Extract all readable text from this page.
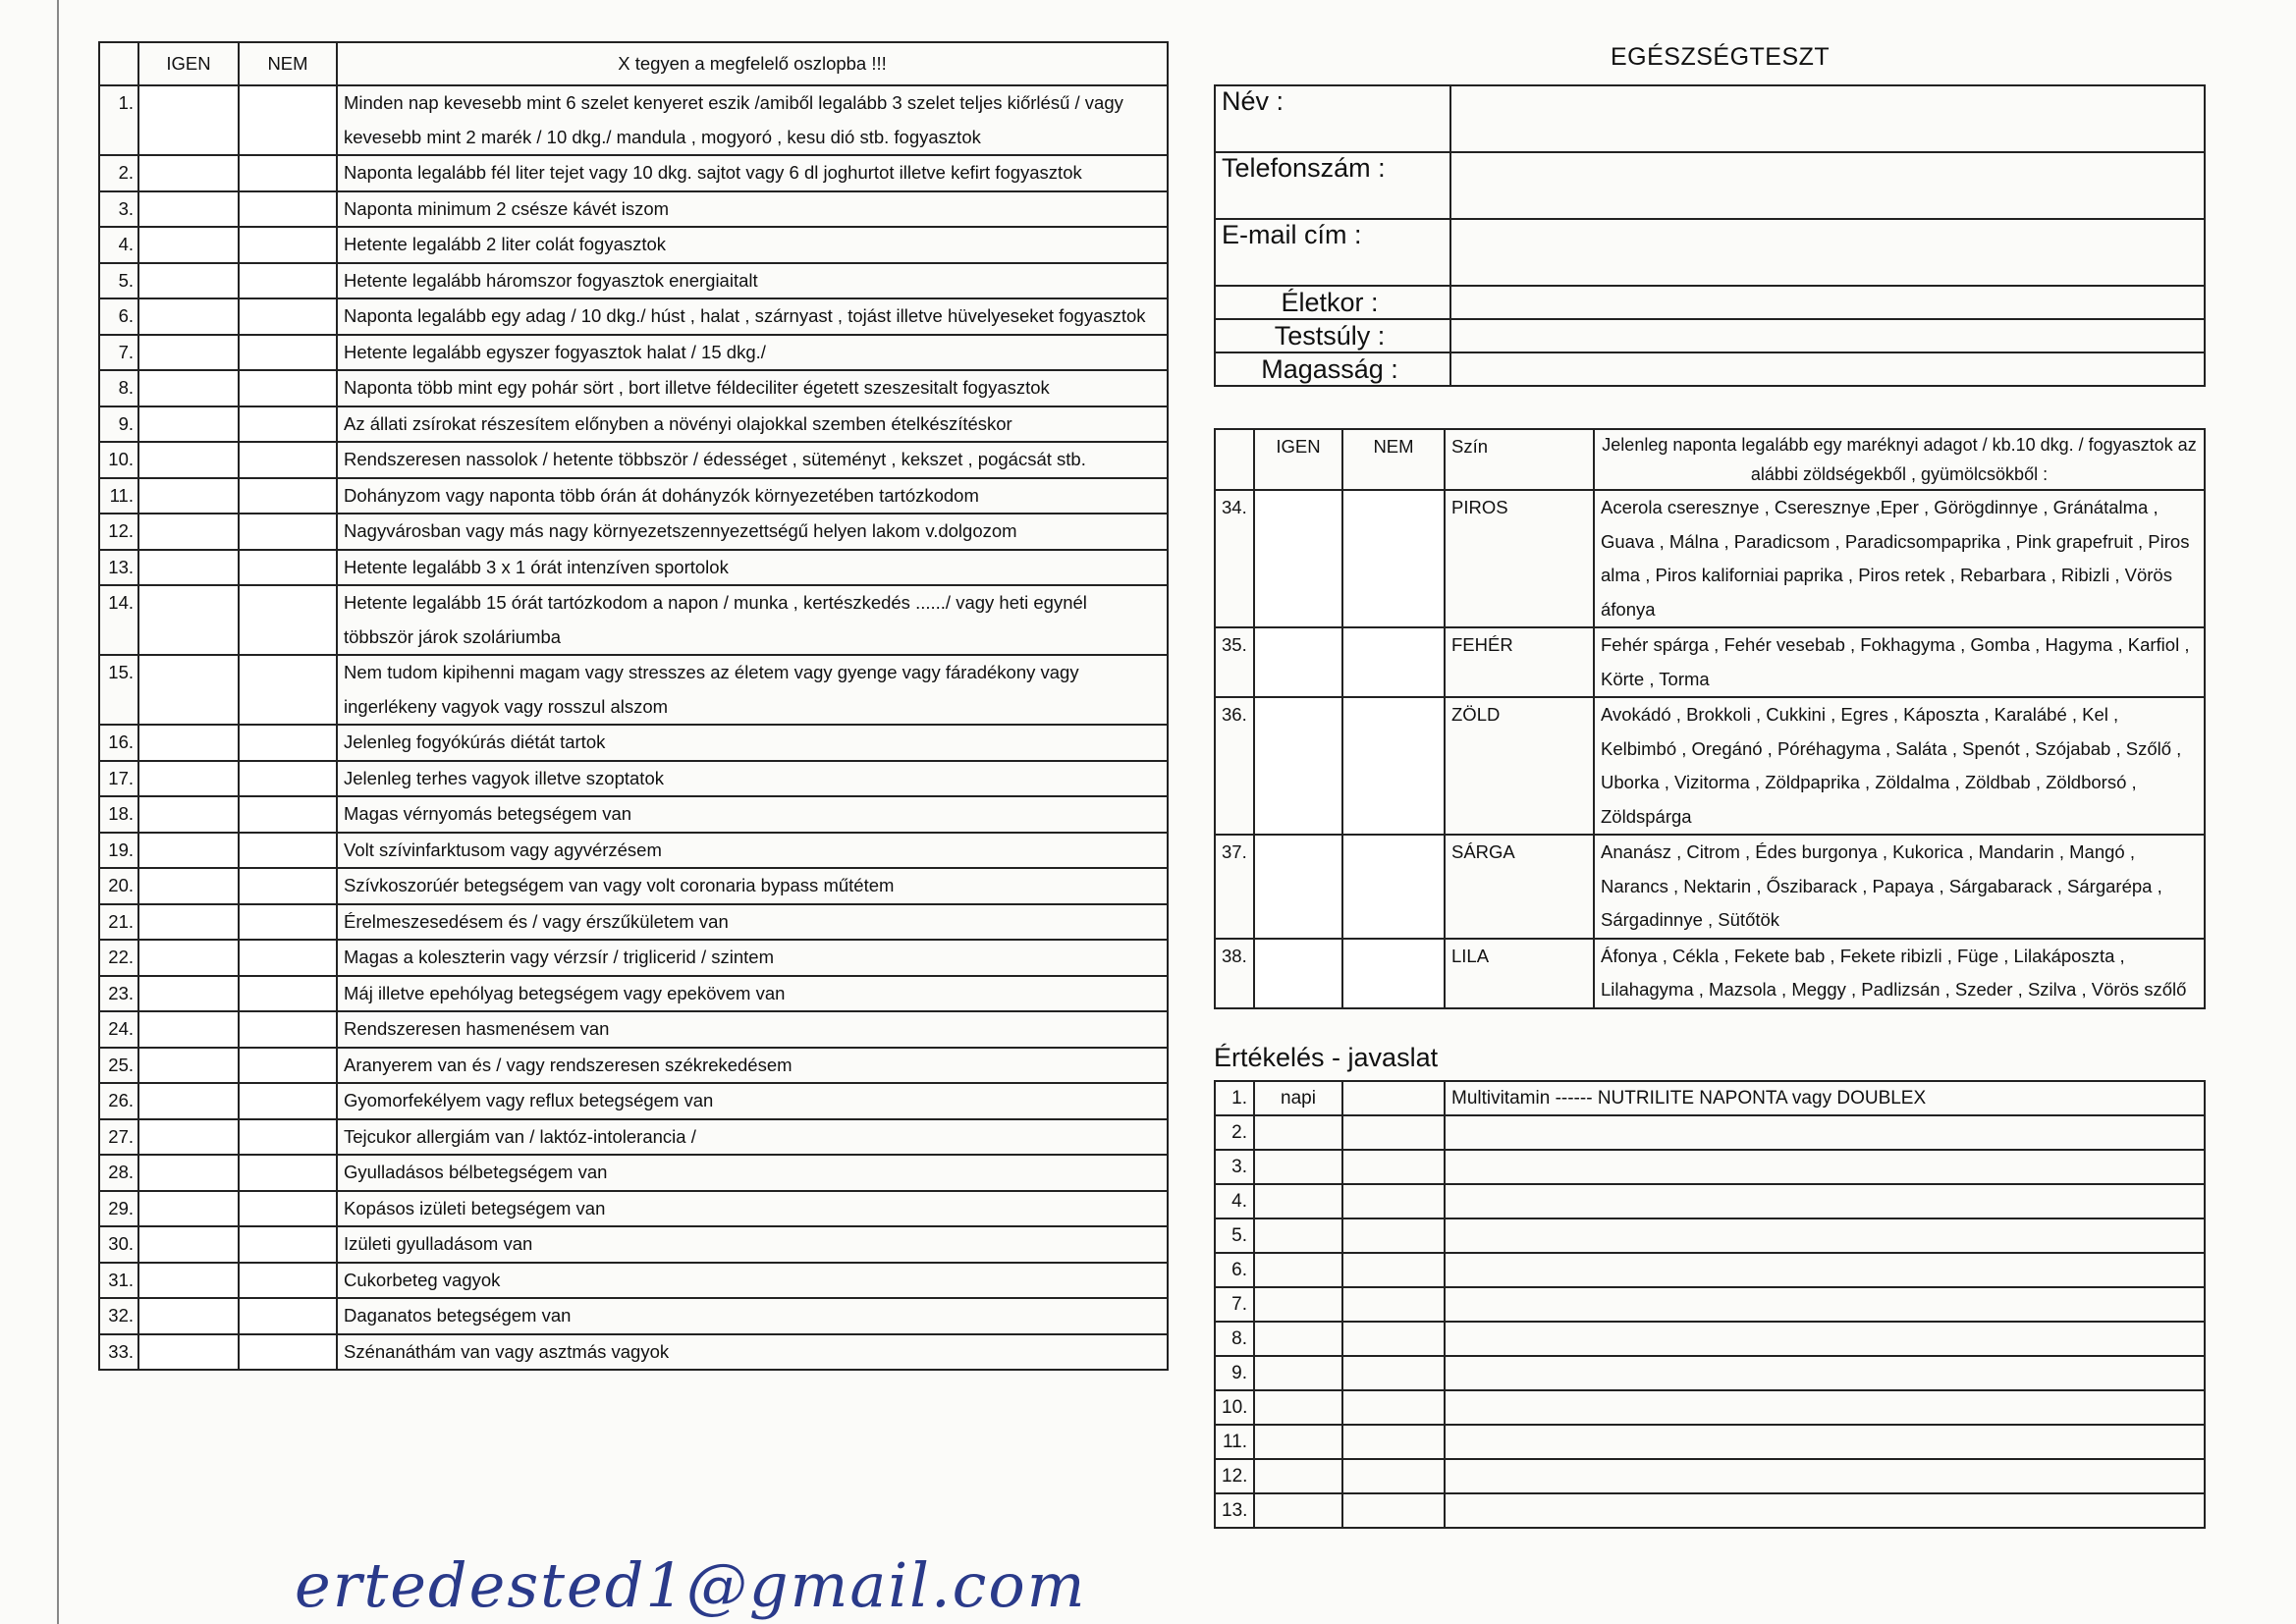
	IGEN	NEM	X tegyen a megfelelő oszlopba !!!
1.			Minden nap kevesebb mint 6 szelet kenyeret eszik /amiből legalább 3 szelet teljes kiőrlésű / vagy kevesebb mint 2 marék / 10 dkg./ mandula , mogyoró , kesu dió stb. fogyasztok
2.			Naponta legalább fél liter tejet vagy 10 dkg. sajtot vagy 6 dl joghurtot illetve kefirt fogyasztok
3.			Naponta minimum 2 csésze kávét iszom
4.			Hetente legalább 2 liter colát fogyasztok
5.			Hetente legalább háromszor fogyasztok energiaitalt
6.			Naponta legalább egy adag / 10 dkg./ húst , halat , szárnyast , tojást illetve hüvelyeseket fogyasztok
7.			Hetente legalább egyszer fogyasztok halat / 15 dkg./
8.			Naponta több mint egy pohár sört , bort illetve féldeciliter égetett szeszesitalt fogyasztok
9.			Az állati zsírokat részesítem előnyben a növényi olajokkal szemben ételkészítéskor
10.			Rendszeresen nassolok / hetente többször / édességet , süteményt , kekszet , pogácsát stb.
11.			Dohányzom vagy naponta több órán át dohányzók környezetében tartózkodom
12.			Nagyvárosban vagy más nagy környezetszennyezettségű helyen lakom v.dolgozom
13.			Hetente legalább 3 x 1 órát intenzíven sportolok
14.			Hetente legalább 15 órát tartózkodom a napon / munka , kertészkedés ....../ vagy heti egynél többször járok szoláriumba
15.			Nem tudom kipihenni magam vagy stresszes az életem vagy gyenge vagy fáradékony vagy ingerlékeny vagyok vagy rosszul alszom
16.			Jelenleg fogyókúrás diétát tartok
17.			Jelenleg terhes vagyok illetve szoptatok
18.			Magas vérnyomás betegségem van
19.			Volt szívinfarktusom vagy agyvérzésem
20.			Szívkoszorúér betegségem van vagy volt coronaria bypass műtétem
21.			Érelmeszesedésem és / vagy érszűkületem van
22.			Magas a koleszterin vagy vérzsír / triglicerid / szintem
23.			Máj illetve epehólyag betegségem vagy epekövem van
24.			Rendszeresen hasmenésem van
25.			Aranyerem van és / vagy rendszeresen székrekedésem
26.			Gyomorfekélyem vagy reflux betegségem van
27.			Tejcukor allergiám van / laktóz-intolerancia /
28.			Gyulladásos bélbetegségem van
29.			Kopásos izületi betegségem van
30.			Izületi gyulladásom van
31.			Cukorbeteg vagyok
32.			Daganatos betegségem van
33.			Szénanáthám van vagy asztmás vagyok
EGÉSZSÉGTESZT
Név :	
Telefonszám :	
E-mail cím :	
Életkor :	
Testsúly :	
Magasság :	
	IGEN	NEM	Szín	Jelenleg naponta legalább egy maréknyi adagot / kb.10 dkg. / fogyasztok az alábbi zöldségekből , gyümölcsökből :
34.			PIROS	Acerola cseresznye , Cseresznye ,Eper , Görögdinnye , Gránátalma , Guava , Málna , Paradicsom , Paradicsompaprika , Pink grapefruit , Piros alma , Piros kaliforniai paprika , Piros retek , Rebarbara , Ribizli , Vörös áfonya
35.			FEHÉR	Fehér spárga , Fehér vesebab , Fokhagyma , Gomba , Hagyma , Karfiol , Körte , Torma
36.			ZÖLD	Avokádó , Brokkoli , Cukkini , Egres , Káposzta , Karalábé , Kel , Kelbimbó , Oregánó , Póréhagyma , Saláta , Spenót , Szójabab , Szőlő , Uborka , Vizitorma , Zöldpaprika , Zöldalma , Zöldbab , Zöldborsó , Zöldspárga
37.			SÁRGA	Ananász , Citrom , Édes burgonya , Kukorica , Mandarin , Mangó , Narancs , Nektarin , Őszibarack , Papaya , Sárgabarack , Sárgarépa , Sárgadinnye , Sütőtök
38.			LILA	Áfonya , Cékla , Fekete bab , Fekete ribizli , Füge , Lilakáposzta , Lilahagyma , Mazsola , Meggy , Padlizsán , Szeder , Szilva , Vörös szőlő
Értékelés - javaslat
1.	napi		Multivitamin ------ NUTRILITE NAPONTA vagy DOUBLEX
2.			
3.			
4.			
5.			
6.			
7.			
8.			
9.			
10.			
11.			
12.			
13.			
ertedested1@gmail.com
